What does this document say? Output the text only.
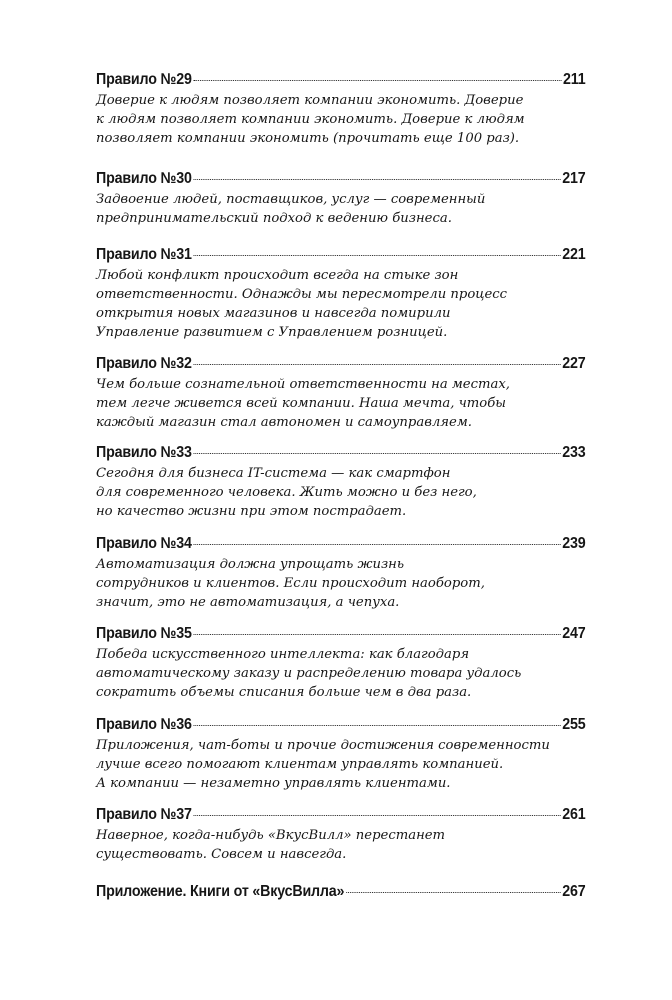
Правило №29	211
Доверие к людям позволяет компании экономить. Доверие
к людям позволяет компании экономить. Доверие к людям
позволяет компании экономить (прочитать еще 100 раз).
Правило №30	217
Задвоение людей, поставщиков, услуг — современный
предпринимательский подход к ведению бизнеса.
Правило №31	221
Любой конфликт происходит всегда на стыке зон
ответственности. Однажды мы пересмотрели процесс
открытия новых магазинов и навсегда помирили
Управление развитием с Управлением розницей.
Правило №32	227
Чем больше сознательной ответственности на местах,
тем легче живется всей компании. Наша мечта, чтобы
каждый магазин стал автономен и самоуправляем.
Правило №33	233
Сегодня для бизнеса IT-система — как смартфон
для современного человека. Жить можно и без него,
но качество жизни при этом пострадает.
Правило №34	239
Автоматизация должна упрощать жизнь
сотрудников и клиентов. Если происходит наоборот,
значит, это не автоматизация, а чепуха.
Правило №35	247
Победа искусственного интеллекта: как благодаря
автоматическому заказу и распределению товара удалось
сократить объемы списания больше чем в два раза.
Правило №36	255
Приложения, чат-боты и прочие достижения современности
лучше всего помогают клиентам управлять компанией.
А компании — незаметно управлять клиентами.
Правило №37	261
Наверное, когда-нибудь «ВкусВилл» перестанет
существовать. Совсем и навсегда.
Приложение. Книги от «ВкусВилла»	267
